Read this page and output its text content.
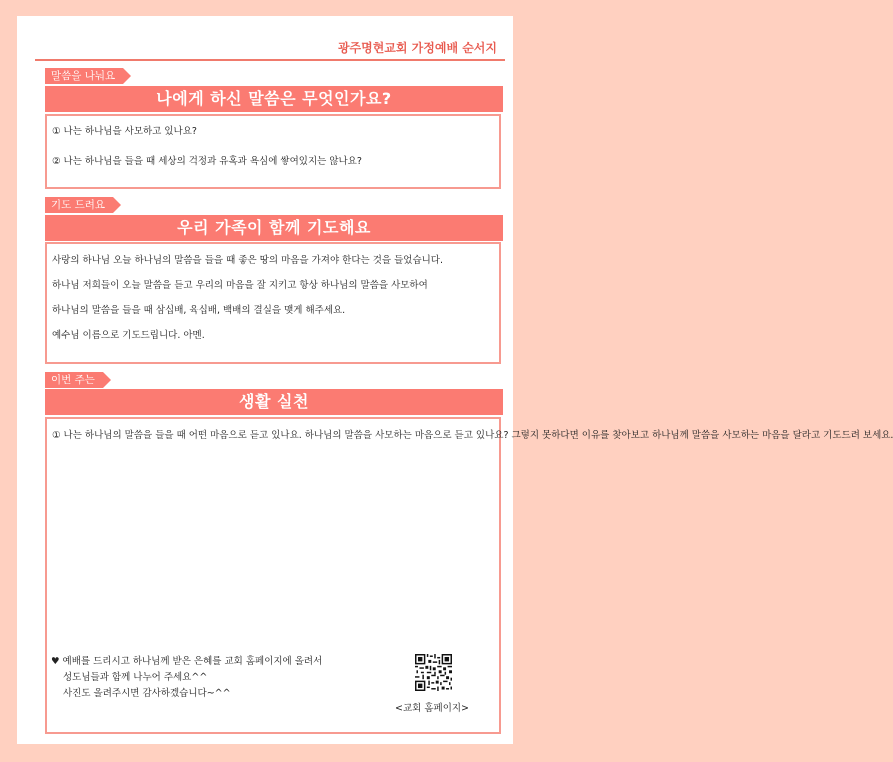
광주명현교회 가정예배 순서지
말씀을 나눠요
나에게 하신 말씀은 무엇인가요?

① 나는 하나님을 사모하고 있나요?

② 나는 하나님을 들을 때 세상의 걱정과 유혹과 욕심에 쌓여있지는 않나요?

기도 드려요
우리 가족이 함께 기도해요

사랑의 하나님 오늘 하나님의 말씀을 들을 때 좋은 땅의 마음을 가져야 한다는 것을 들었습니다.

하나님 저희들이 오늘 말씀을 듣고 우리의 마음을 잘 지키고 항상 하나님의 말씀을 사모하여

하나님의 말씀을 들을 때 삼십배, 육십배, 백배의 결실을 맺게 해주세요.

예수님 이름으로 기도드립니다. 아멘.

이번 주는
생활 실천

① 나는 하나님의 말씀을 들을 때 어떤 마음으로 듣고 있나요. 하나님의 말씀을 사모하는 마음으로 듣고 있나요? 그렇지 못하다면 이유를 찾아보고 하나님께 말씀을 사모하는 마음을 달라고 기도드려 보세요.

♥ 예배를 드리시고 하나님께 받은 은혜를 교회 홈페이지에 올려서
성도님들과 함께 나누어 주세요^^
사진도 올려주시면 감사하겠습니다~^^
<교회 홈페이지>
